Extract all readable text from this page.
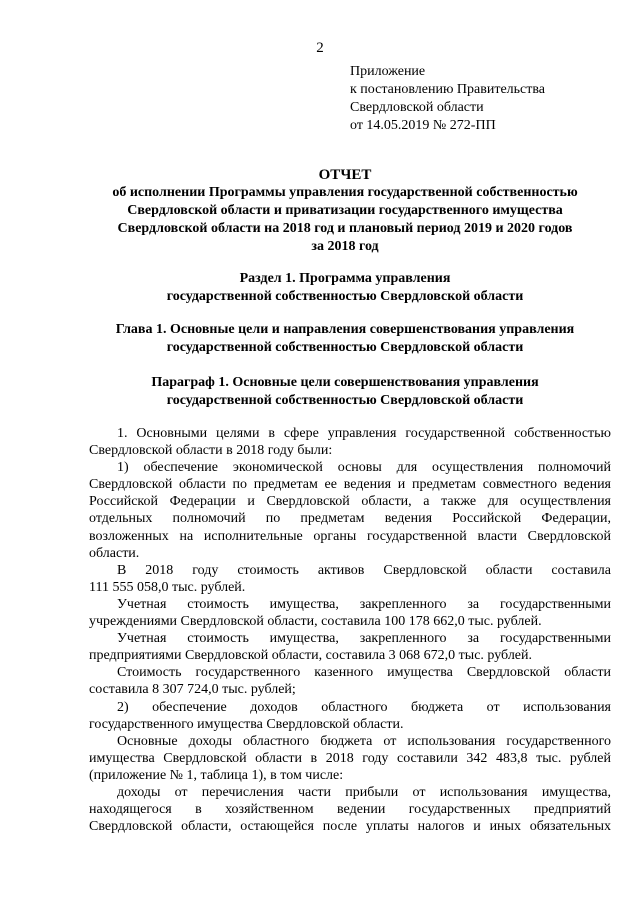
2
Приложение
к постановлению Правительства
Свердловской области
от 14.05.2019 № 272-ПП
ОТЧЕТ
об исполнении Программы управления государственной собственностью
Свердловской области и приватизации государственного имущества
Свердловской области на 2018 год и плановый период 2019 и 2020 годов
за 2018 год
Раздел 1. Программа управления
государственной собственностью Свердловской области
Глава 1. Основные цели и направления совершенствования управления
государственной собственностью Свердловской области
Параграф 1. Основные цели совершенствования управления
государственной собственностью Свердловской области
1. Основными целями в сфере управления государственной собственностью
Свердловской области в 2018 году были:
1) обеспечение экономической основы для осуществления полномочий
Свердловской области по предметам ее ведения и предметам совместного ведения
Российской Федерации и Свердловской области, а также для осуществления
отдельных полномочий по предметам ведения Российской Федерации,
возложенных на исполнительные органы государственной власти Свердловской
области.
В 2018 году стоимость активов Свердловской области составила
111 555 058,0 тыс. рублей.
Учетная стоимость имущества, закрепленного за государственными
учреждениями Свердловской области, составила 100 178 662,0 тыс. рублей.
Учетная стоимость имущества, закрепленного за государственными
предприятиями Свердловской области, составила 3 068 672,0 тыс. рублей.
Стоимость государственного казенного имущества Свердловской области
составила 8 307 724,0 тыс. рублей;
2) обеспечение доходов областного бюджета от использования
государственного имущества Свердловской области.
Основные доходы областного бюджета от использования государственного
имущества Свердловской области в 2018 году составили 342 483,8 тыс. рублей
(приложение № 1, таблица 1), в том числе:
доходы от перечисления части прибыли от использования имущества,
находящегося в хозяйственном ведении государственных предприятий
Свердловской области, остающейся после уплаты налогов и иных обязательных
